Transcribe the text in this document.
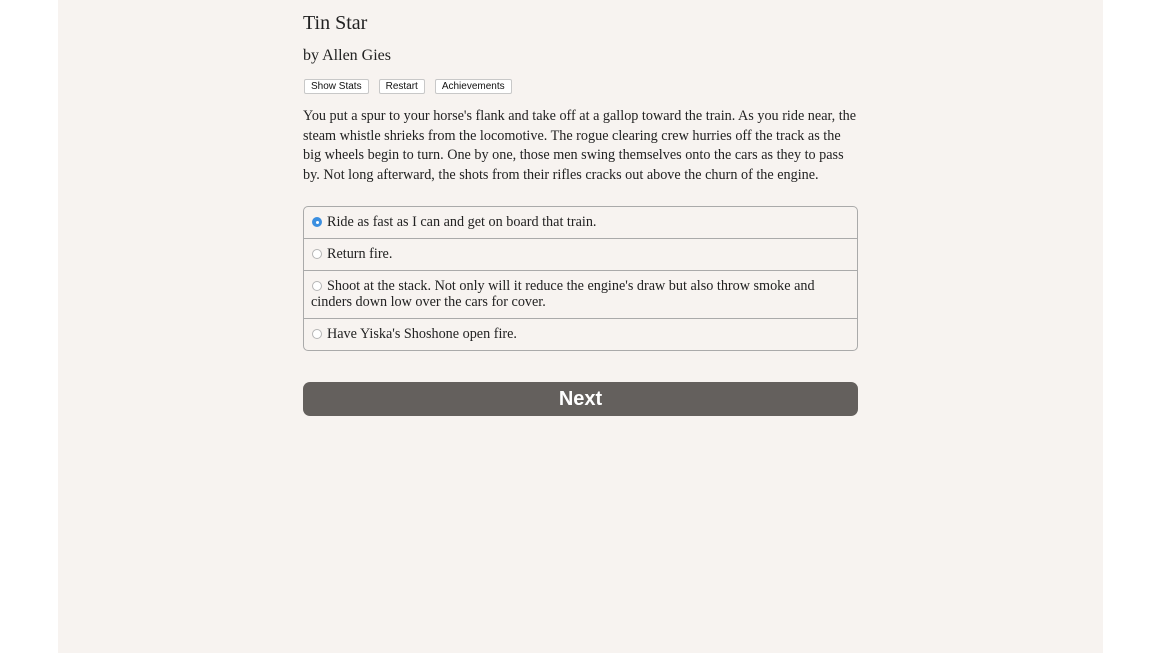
Tin Star
by Allen Gies
Show Stats	Restart	Achievements

You put a spur to your horse's flank and take off at a gallop toward the train. As you ride near, the steam whistle shrieks from the locomotive. The rogue clearing crew hurries off the track as the big wheels begin to turn. One by one, those men swing themselves onto the cars as they to pass by. Not long afterward, the shots from their rifles cracks out above the churn of the engine.

Ride as fast as I can and get on board that train.
Return fire.
Shoot at the stack. Not only will it reduce the engine's draw but also throw smoke and cinders down low over the cars for cover.
Have Yiska's Shoshone open fire.
Next
